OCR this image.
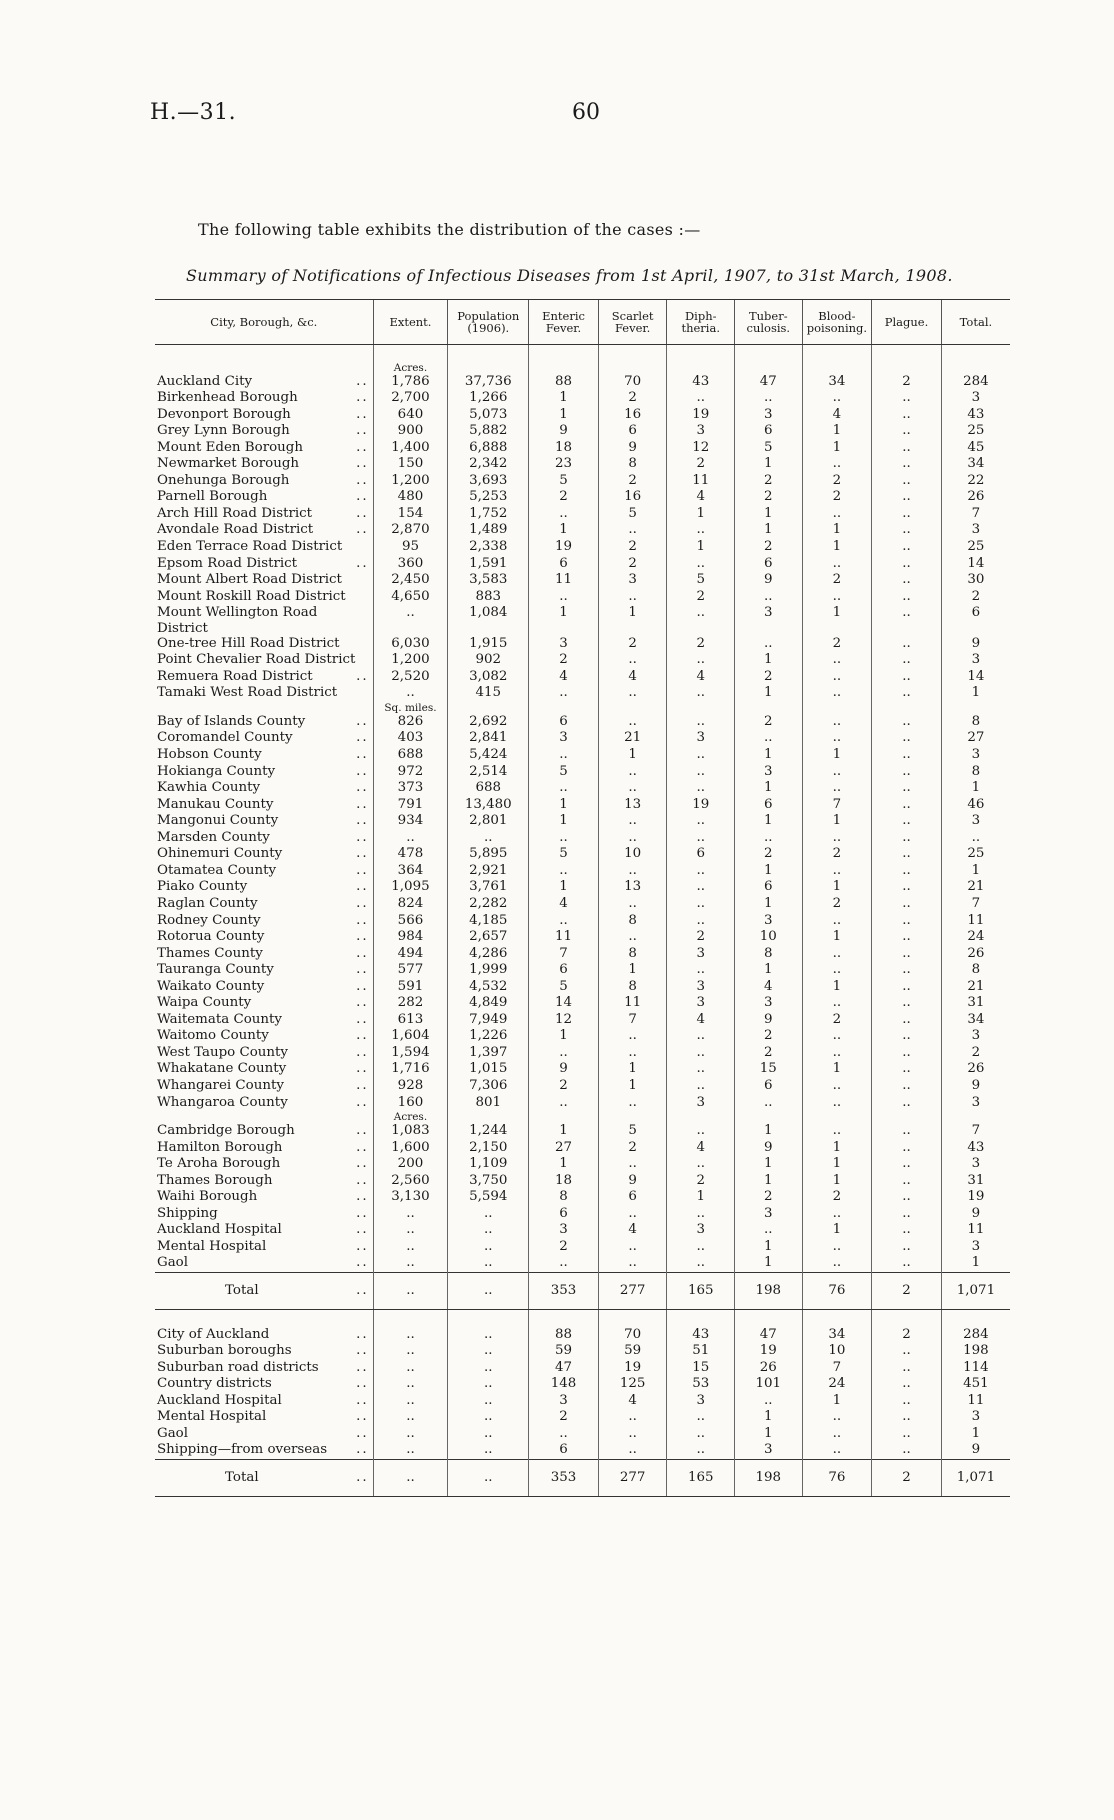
H.—31.	60
The following table exhibits the distribution of the cases :—
Summary of Notifications of Infectious Diseases from 1st April, 1907, to 31st March, 1908.
City, Borough, &c.	Extent.	Population (1906).	Enteric Fever.	Scarlet Fever.	Diph-theria.	Tuber-culosis.	Blood-poisoning.	Plague.	Total.

	Acres.								

Auckland City ..	1,786	37,736	88	70	43	47	34	2	284

Birkenhead Borough ..	2,700	1,266	1	2	..	..	..	..	3

Devonport Borough ..	640	5,073	1	16	19	3	4	..	43

Grey Lynn Borough ..	900	5,882	9	6	3	6	1	..	25

Mount Eden Borough ..	1,400	6,888	18	9	12	5	1	..	45

Newmarket Borough ..	150	2,342	23	8	2	1	..	..	34

Onehunga Borough ..	1,200	3,693	5	2	11	2	2	..	22

Parnell Borough ..	480	5,253	2	16	4	2	2	..	26

Arch Hill Road District ..	154	1,752	..	5	1	1	..	..	7

Avondale Road District ..	2,870	1,489	1	..	..	1	1	..	3

Eden Terrace Road District	95	2,338	19	2	1	2	1	..	25

Epsom Road District ..	360	1,591	6	2	..	6	..	..	14

Mount Albert Road District	2,450	3,583	11	3	5	9	2	..	30

Mount Roskill Road District	4,650	883	..	..	2	..	..	..	2

Mount Wellington Road	..	1,084	1	1	..	3	1	..	6
District									

One-tree Hill Road District	6,030	1,915	3	2	2	..	2	..	9

Point Chevalier Road District	1,200	902	2	..	..	1	..	..	3

Remuera Road District ..	2,520	3,082	4	4	4	2	..	..	14

Tamaki West Road District	..	415	..	..	..	1	..	..	1
	Sq. miles.								

Bay of Islands County ..	826	2,692	6	..	..	2	..	..	8

Coromandel County ..	403	2,841	3	21	3	..	..	..	27

Hobson County ..	688	5,424	..	1	..	1	1	..	3

Hokianga County ..	972	2,514	5	..	..	3	..	..	8

Kawhia County ..	373	688	..	..	..	1	..	..	1

Manukau County ..	791	13,480	1	13	19	6	7	..	46

Mangonui County ..	934	2,801	1	..	..	1	1	..	3

Marsden County ..	..	..	..	..	..	..	..	..	..

Ohinemuri County ..	478	5,895	5	10	6	2	2	..	25

Otamatea County ..	364	2,921	..	..	..	1	..	..	1

Piako County ..	1,095	3,761	1	13	..	6	1	..	21

Raglan County ..	824	2,282	4	..	..	1	2	..	7

Rodney County ..	566	4,185	..	8	..	3	..	..	11

Rotorua County ..	984	2,657	11	..	2	10	1	..	24

Thames County ..	494	4,286	7	8	3	8	..	..	26

Tauranga County ..	577	1,999	6	1	..	1	..	..	8

Waikato County ..	591	4,532	5	8	3	4	1	..	21

Waipa County ..	282	4,849	14	11	3	3	..	..	31

Waitemata County ..	613	7,949	12	7	4	9	2	..	34

Waitomo County ..	1,604	1,226	1	..	..	2	..	..	3

West Taupo County ..	1,594	1,397	..	..	..	2	..	..	2

Whakatane County ..	1,716	1,015	9	1	..	15	1	..	26

Whangarei County ..	928	7,306	2	1	..	6	..	..	9

Whangaroa County ..	160	801	..	..	3	..	..	..	3
	Acres.								

Cambridge Borough ..	1,083	1,244	1	5	..	1	..	..	7

Hamilton Borough ..	1,600	2,150	27	2	4	9	1	..	43

Te Aroha Borough ..	200	1,109	1	..	..	1	1	..	3

Thames Borough ..	2,560	3,750	18	9	2	1	1	..	31

Waihi Borough ..	3,130	5,594	8	6	1	2	2	..	19

Shipping ..	..	..	6	..	..	3	..	..	9

Auckland Hospital ..	..	..	3	4	3	..	1	..	11

Mental Hospital ..	..	..	2	..	..	1	..	..	3

Gaol ..	..	..	..	..	..	1	..	..	1

Total ..	..	..	353	277	165	198	76	2	1,071

City of Auckland ..	..	..	88	70	43	47	34	2	284

Suburban boroughs ..	..	..	59	59	51	19	10	..	198

Suburban road districts ..	..	..	47	19	15	26	7	..	114

Country districts ..	..	..	148	125	53	101	24	..	451

Auckland Hospital ..	..	..	3	4	3	..	1	..	11

Mental Hospital ..	..	..	2	..	..	1	..	..	3

Gaol ..	..	..	..	..	..	1	..	..	1

Shipping—from overseas ..	..	..	6	..	..	3	..	..	9

Total ..	..	..	353	277	165	198	76	2	1,071
